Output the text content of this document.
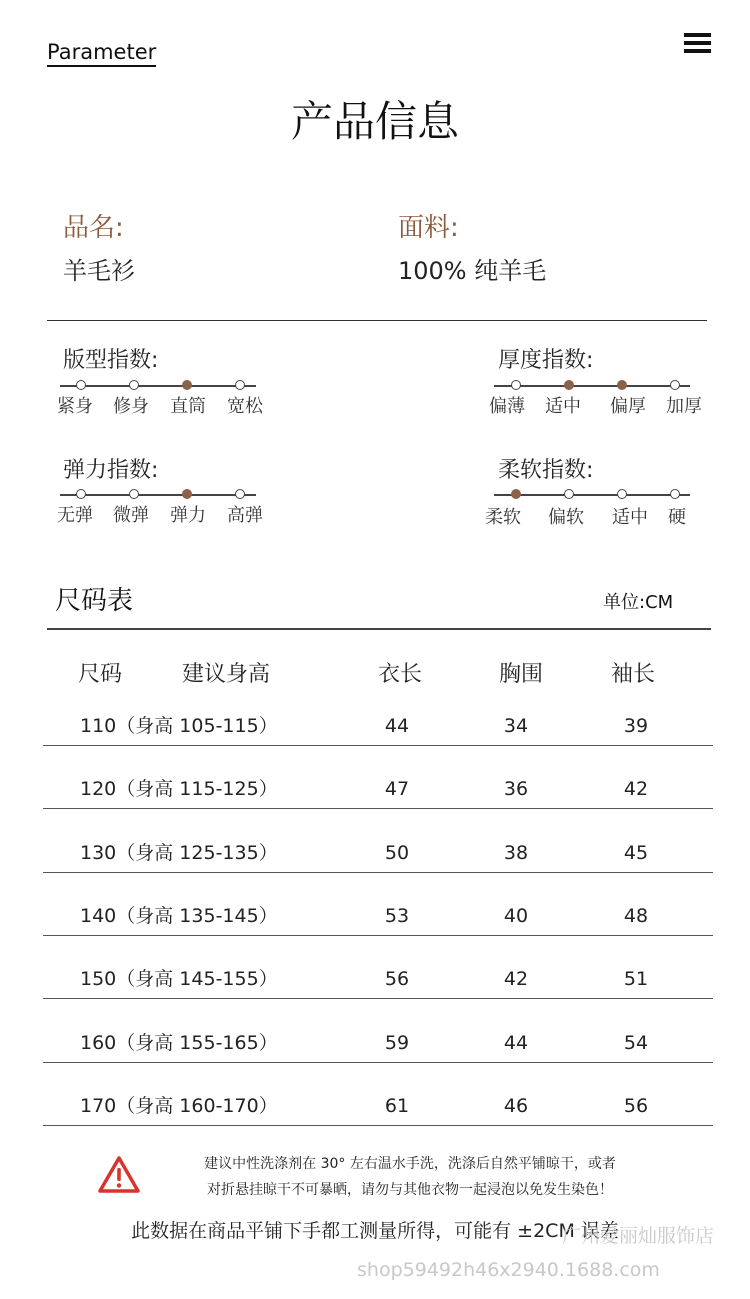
Parameter
产品信息
品名:
羊毛衫
面料:
100% 纯羊毛
版型指数:
紧身 修身 直筒 宽松
厚度指数:
偏薄 适中 偏厚 加厚
弹力指数:
无弹 微弹 弹力 高弹
柔软指数:
柔软 偏软 适中 硬
尺码表	单位:CM
尺码	建议身高	衣长	胸围	袖长
110（身高 105-115）	44	34	39
120（身高 115-125）	47	36	42
130（身高 125-135）	50	38	45
140（身高 135-145）	53	40	48
150（身高 145-155）	56	42	51
160（身高 155-165）	59	44	54
170（身高 160-170）	61	46	56
建议中性洗涤剂在 30° 左右温水手洗，洗涤后自然平铺晾干，或者
对折悬挂晾干不可暴晒，请勿与其他衣物一起浸泡以免发生染色！
此数据在商品平铺下手都工测量所得，可能有 ±2CM 误差
广州爱丽灿服饰店
shop59492h46x2940.1688.com
